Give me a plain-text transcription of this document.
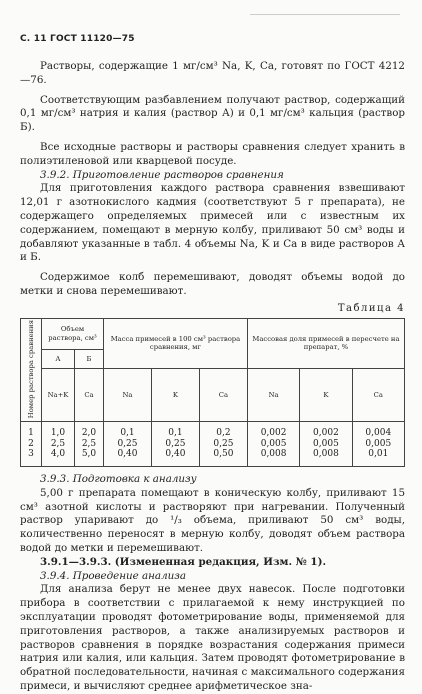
С. 11 ГОСТ 11120—75

Растворы, содержащие 1 мг/см³ Na, K, Ca, готовят по ГОСТ 4212—76.

Соответствующим разбавлением получают раствор, содержащий 0,1 мг/см³ натрия и калия (раствор А) и 0,1 мг/см³ кальция (раствор Б).

Все исходные растворы и растворы сравнения следует хранить в полиэтиленовой или кварцевой посуде.

3.9.2. Приготовление растворов сравнения

Для приготовления каждого раствора сравнения взвешивают 12,01 г азотнокислого кадмия (соответствуют 5 г препарата), не содержащего определяемых примесей или с известным их содержанием, помещают в мерную колбу, приливают 50 см³ воды и добавляют указанные в табл. 4 объемы Na, K и Ca в виде растворов А и Б.

Содержимое колб перемешивают, доводят объемы водой до метки и снова перемешивают.

Таблица 4
Номер раствора сравнения	Объем раствора, см³		Масса примесей в 100 см³ раствора сравнения, мг			Массовая доля примесей в пересчете на препарат, %		
	А	Б						
	Na+K	Ca	Na	K	Ca	Na	K	Ca

1	1,0	2,0	0,1	0,1	0,2	0,002	0,002	0,004
2	2,5	2,5	0,25	0,25	0,25	0,005	0,005	0,005
3	4,0	5,0	0,40	0,40	0,50	0,008	0,008	0,01

3.9.3. Подготовка к анализу

5,00 г препарата помещают в коническую колбу, приливают 15 см³ азотной кислоты и растворяют при нагревании. Полученный раствор упаривают до ¹/₃ объема, приливают 50 см³ воды, количественно переносят в мерную колбу, доводят объем раствора водой до метки и перемешивают.

3.9.1—3.9.3. (Измененная редакция, Изм. № 1).

3.9.4. Проведение анализа

Для анализа берут не менее двух навесок. После подготовки прибора в соответствии с прилагаемой к нему инструкцией по эксплуатации проводят фотометрирование воды, применяемой для приготовления растворов, а также анализируемых растворов и растворов сравнения в порядке возрастания содержания примеси натрия или калия, или кальция. Затем проводят фотометрирование в обратной последовательности, начиная с максимального содержания примеси, и вычисляют среднее арифметическое зна-
